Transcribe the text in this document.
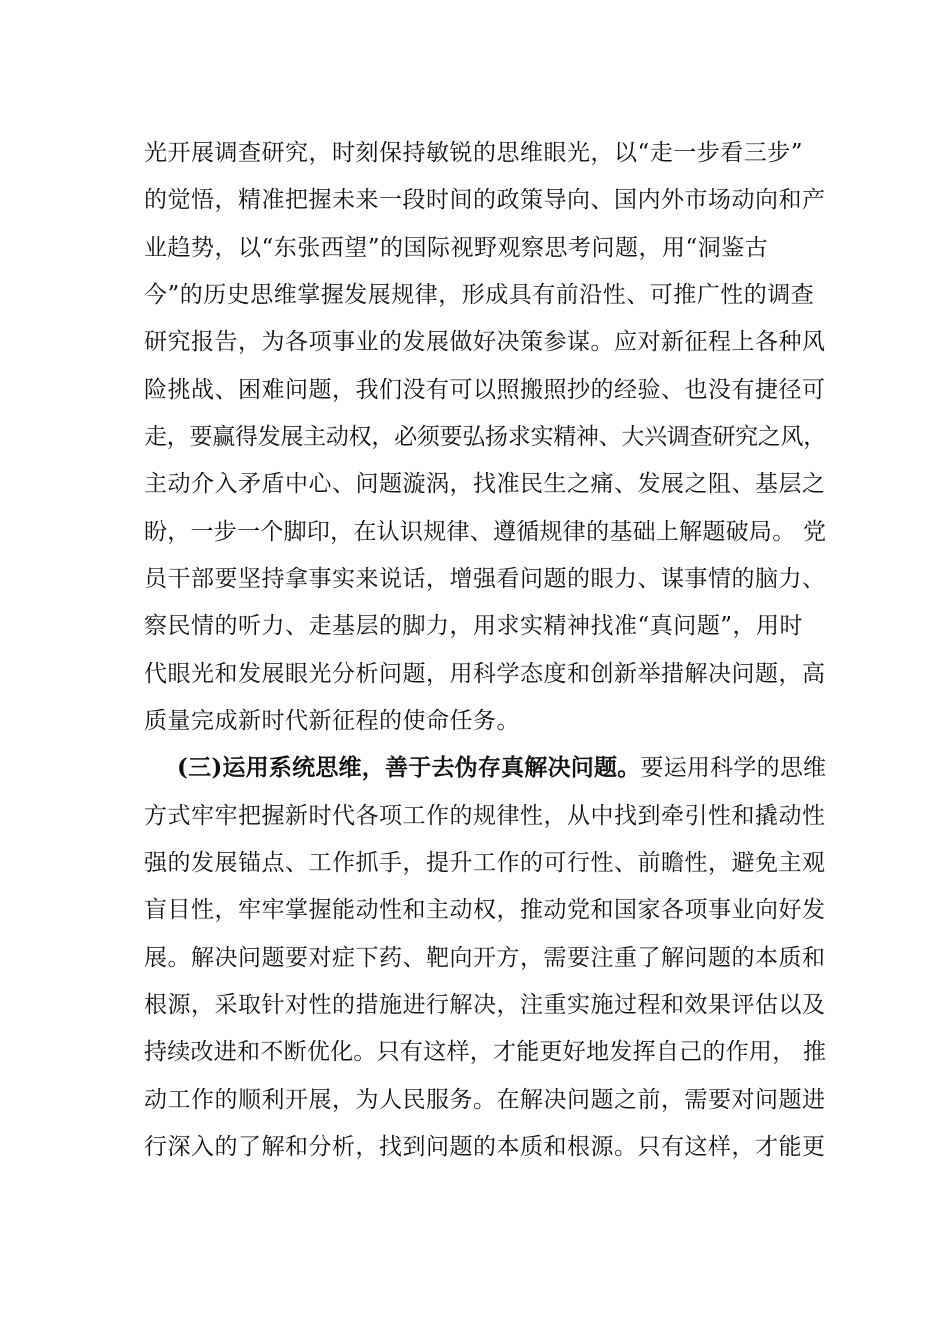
光开展调查研究，时刻保持敏锐的思维眼光，以“走一步看三步”
的觉悟，精准把握未来一段时间的政策导向、国内外市场动向和产
业趋势，以“东张西望”的国际视野观察思考问题，用“洞鉴古
今”的历史思维掌握发展规律，形成具有前沿性、可推广性的调查
研究报告，为各项事业的发展做好决策参谋。应对新征程上各种风
险挑战、困难问题，我们没有可以照搬照抄的经验、也没有捷径可
走，要赢得发展主动权，必须要弘扬求实精神、大兴调查研究之风，
主动介入矛盾中心、问题漩涡，找准民生之痛、发展之阻、基层之
盼，一步一个脚印，在认识规律、遵循规律的基础上解题破局。 党
员干部要坚持拿事实来说话，增强看问题的眼力、谋事情的脑力、
察民情的听力、走基层的脚力，用求实精神找准“真问题”，用时
代眼光和发展眼光分析问题，用科学态度和创新举措解决问题，高
质量完成新时代新征程的使命任务。
(三)运用系统思维，善于去伪存真解决问题。要运用科学的思维
方式牢牢把握新时代各项工作的规律性，从中找到牵引性和撬动性
强的发展锚点、工作抓手，提升工作的可行性、前瞻性，避免主观
盲目性，牢牢掌握能动性和主动权，推动党和国家各项事业向好发
展。解决问题要对症下药、靶向开方，需要注重了解问题的本质和
根源，采取针对性的措施进行解决，注重实施过程和效果评估以及
持续改进和不断优化。只有这样，才能更好地发挥自己的作用， 推
动工作的顺利开展，为人民服务。在解决问题之前，需要对问题进
行深入的了解和分析，找到问题的本质和根源。只有这样，才能更
